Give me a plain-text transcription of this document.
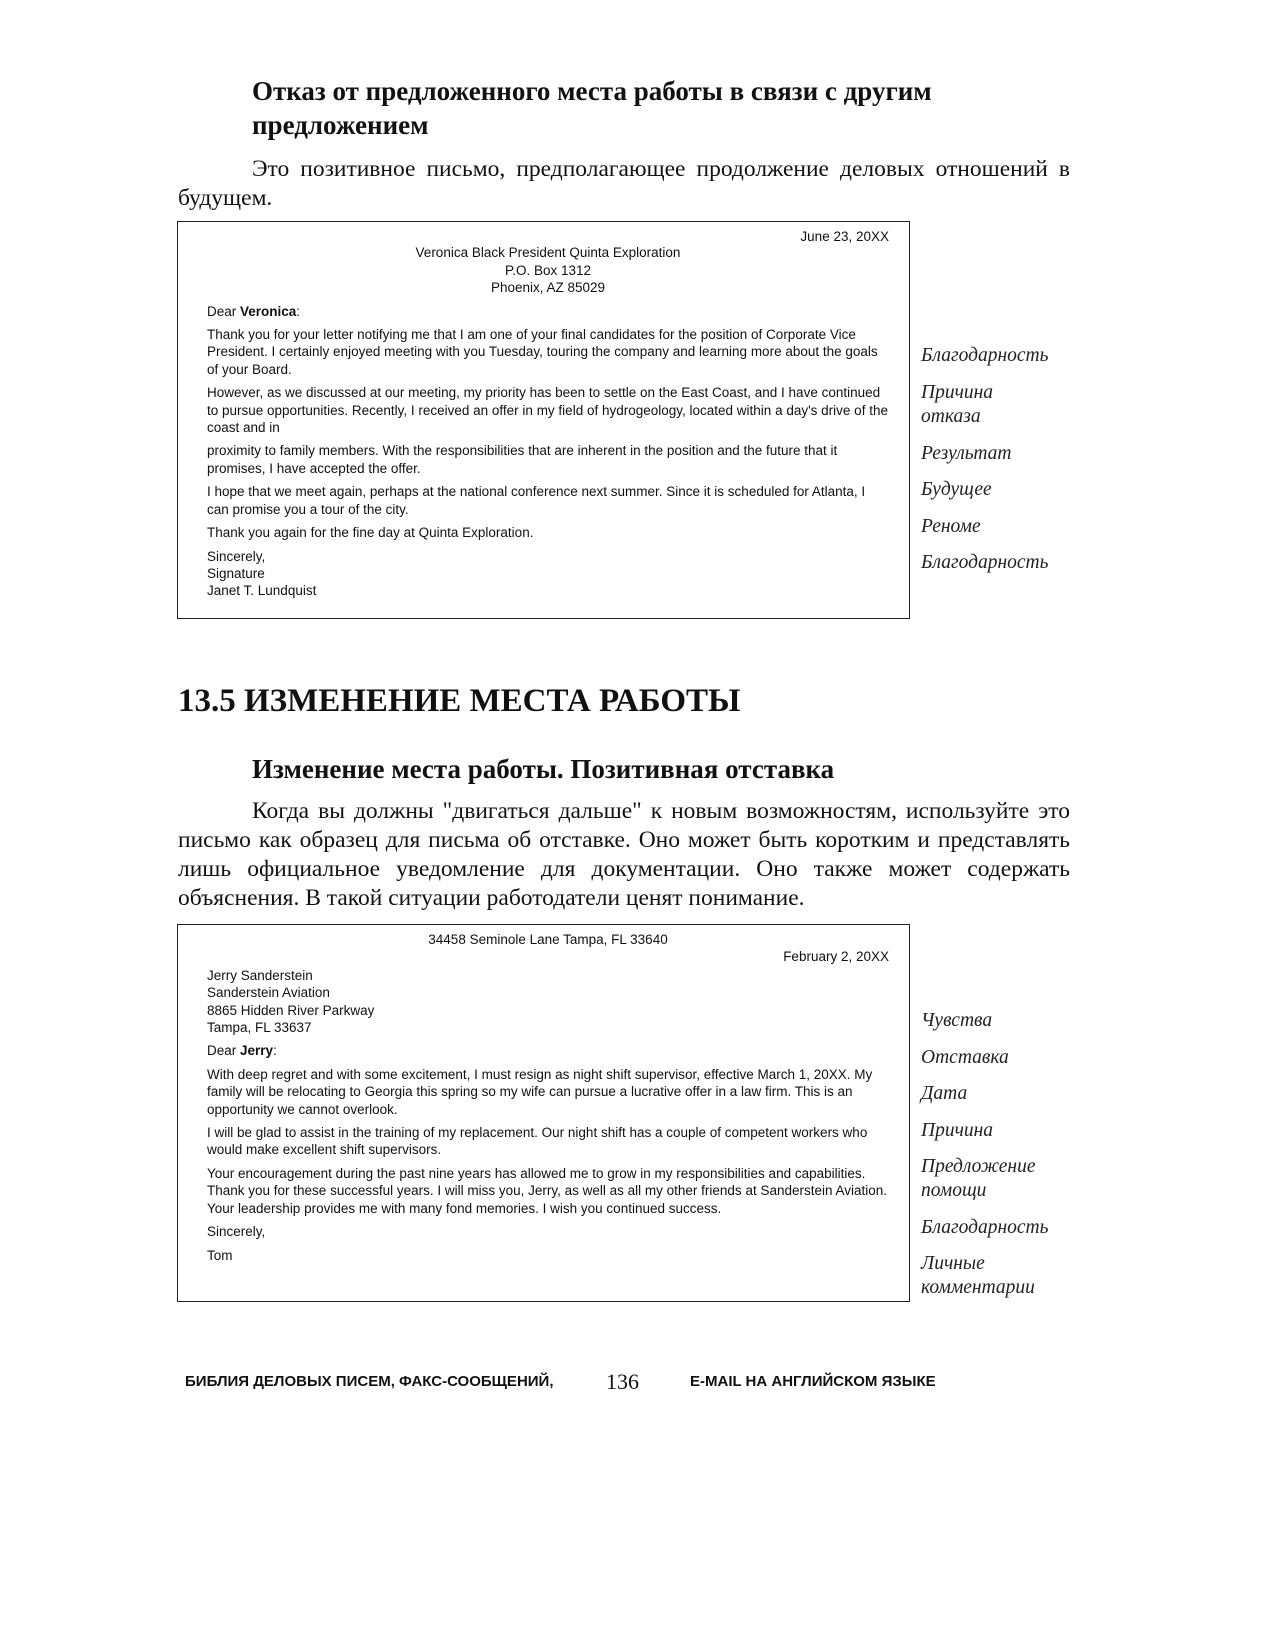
Отказ от предложенного места работы в связи с другим
предложением
Это позитивное письмо, предполагающее продолжение деловых отношений в будущем.

June 23, 20XX

Veronica Black President Quinta Exploration
P.O. Box 1312
Phoenix, AZ 85029

Dear Veronica:

Thank you for your letter notifying me that I am one of your final candidates for the position of Corporate Vice President. I certainly enjoyed meeting with you Tuesday, touring the company and learning more about the goals of your Board.

However, as we discussed at our meeting, my priority has been to settle on the East Coast, and I have continued to pursue opportunities. Recently, I received an offer in my field of hydrogeology, located within a day's drive of the coast and in

proximity to family members. With the responsibilities that are inherent in the position and the future that it promises, I have accepted the offer.

I hope that we meet again, perhaps at the national conference next summer. Since it is scheduled for Atlanta, I can promise you a tour of the city.

Thank you again for the fine day at Quinta Exploration.

Sincerely,
Signature
Janet T. Lundquist
Благодарность
Причина отказа
Результат
Будущее
Реноме
Благодарность
13.5 ИЗМЕНЕНИЕ МЕСТА РАБОТЫ
Изменение места работы. Позитивная отставка
Когда вы должны "двигаться дальше" к новым возможностям, используйте это письмо как образец для письма об отставке. Оно может быть коротким и представлять лишь официальное уведомление для документации. Оно также может содержать объяснения. В такой ситуации работодатели ценят понимание.
34458 Seminole Lane Tampa, FL 33640

February 2, 20XX

Jerry Sanderstein
Sanderstein Aviation
8865 Hidden River Parkway
Tampa, FL 33637

Dear Jerry:

With deep regret and with some excitement, I must resign as night shift supervisor, effective March 1, 20XX. My family will be relocating to Georgia this spring so my wife can pursue a lucrative offer in a law firm. This is an opportunity we cannot overlook.

I will be glad to assist in the training of my replacement. Our night shift has a couple of competent workers who would make excellent shift supervisors.

Your encouragement during the past nine years has allowed me to grow in my responsibilities and capabilities. Thank you for these successful years. I will miss you, Jerry, as well as all my other friends at Sanderstein Aviation. Your leadership provides me with many fond memories. I wish you continued success.

Sincerely,

Tom
Чувства
Отставка
Дата
Причина
Предложение помощи
Благодарность
Личные комментарии
БИБЛИЯ ДЕЛОВЫХ ПИСЕМ, ФАКС-СООБЩЕНИЙ, 136	E-MAIL НА АНГЛИЙСКОМ ЯЗЫКЕ
